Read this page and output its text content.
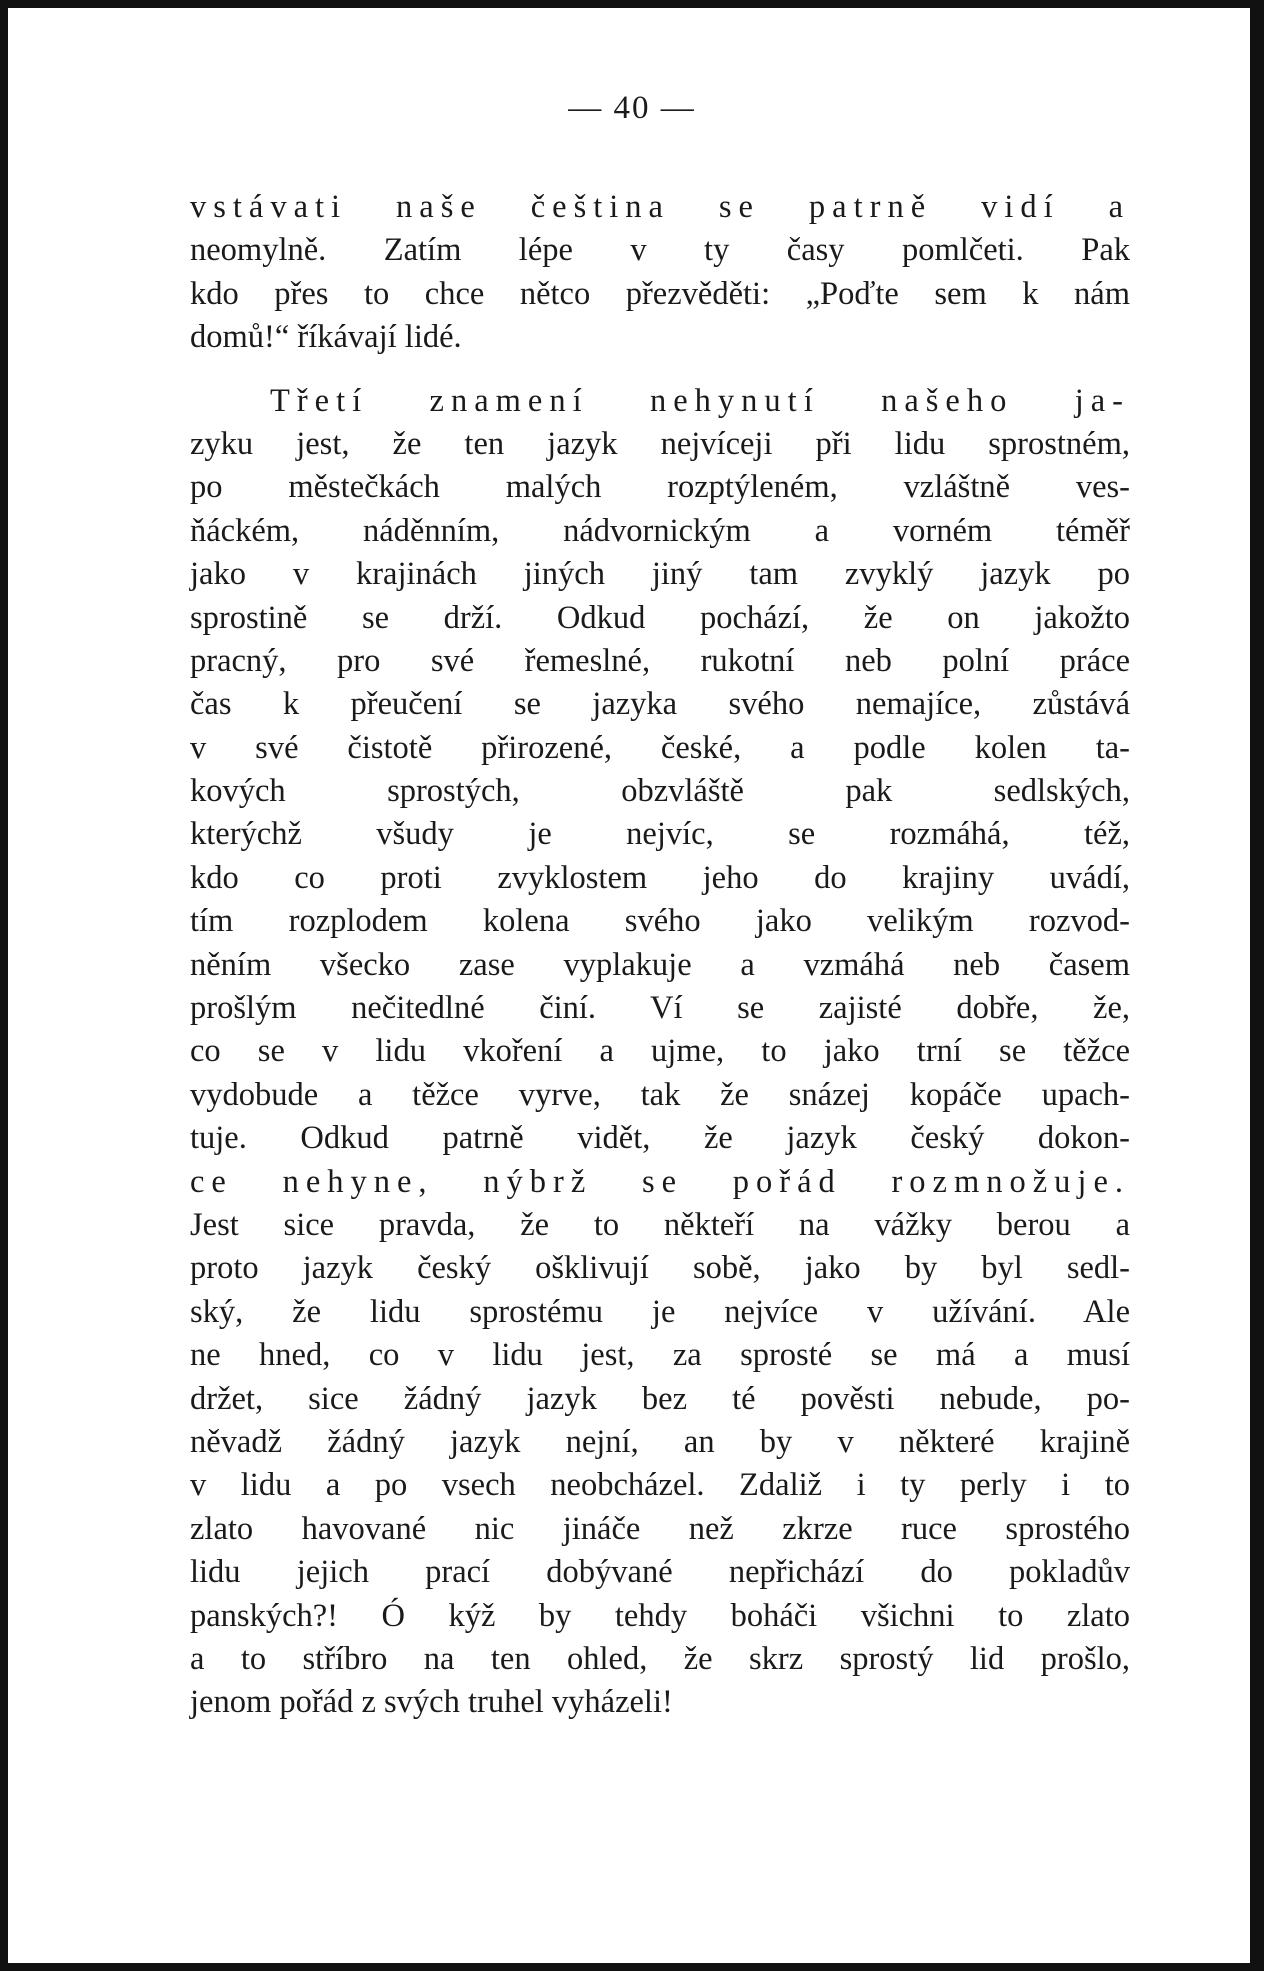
— 40 —
vstávati naše čeština se patrně vidí a
neomylně. Zatím lépe v ty časy pomlčeti. Pak
kdo přes to chce nětco přezvěděti: „Poďte sem k nám
domů!“ říkávají lidé.
Třetí znamení nehynutí našeho ja-
zyku jest, že ten jazyk nejvíceji při lidu sprostném,
po městečkách malých rozptýleném, vzláštně ves-
ňáckém, náděnním, nádvornickým a vorném téměř
jako v krajinách jiných jiný tam zvyklý jazyk po
sprostině se drží. Odkud pochází, že on jakožto
pracný, pro své řemeslné, rukotní neb polní práce
čas k přeučení se jazyka svého nemajíce, zůstává
v své čistotě přirozené, české, a podle kolen ta-
kových sprostých, obzvláště pak sedlských,
kterýchž všudy je nejvíc, se rozmáhá, též,
kdo co proti zvyklostem jeho do krajiny uvádí,
tím rozplodem kolena svého jako velikým rozvod-
něním všecko zase vyplakuje a vzmáhá neb časem
prošlým nečitedlné činí. Ví se zajisté dobře, že,
co se v lidu vkoření a ujme, to jako trní se těžce
vydobude a těžce vyrve, tak že snázej kopáče upach-
tuje. Odkud patrně vidět, že jazyk český dokon-
ce nehyne, nýbrž se pořád rozmnožuje.
Jest sice pravda, že to někteří na vážky berou a
proto jazyk český ošklivují sobě, jako by byl sedl-
ský, že lidu sprostému je nejvíce v užívání. Ale
ne hned, co v lidu jest, za sprosté se má a musí
držet, sice žádný jazyk bez té pověsti nebude, po-
něvadž žádný jazyk nejní, an by v některé krajině
v lidu a po vsech neobcházel. Zdaliž i ty perly i to
zlato havované nic jináče než zkrze ruce sprostého
lidu jejich prací dobývané nepřichází do pokladův
panských?! Ó kýž by tehdy boháči všichni to zlato
a to stříbro na ten ohled, že skrz sprostý lid prošlo,
jenom pořád z svých truhel vyházeli!
